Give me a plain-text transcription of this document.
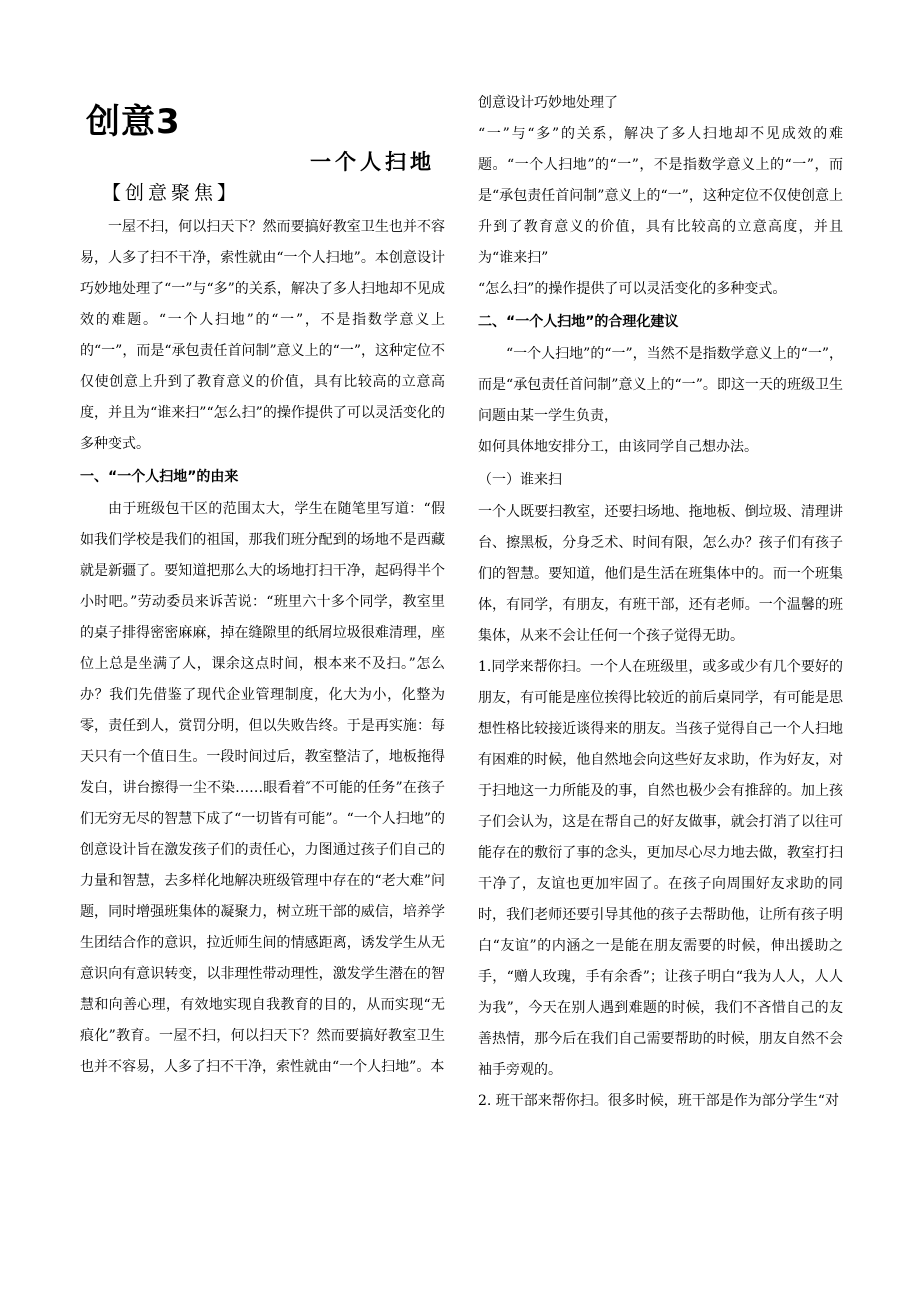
创意3
一个人扫地
【创意聚焦】

一屋不扫，何以扫天下？然而要搞好教室卫生也并不容易，人多了扫不干净，索性就由“一个人扫地”。本创意设计巧妙地处理了“一”与“多”的关系，解决了多人扫地却不见成效的难题。“一个人扫地”的“一”，不是指数学意义上的“一”，而是“承包责任首问制”意义上的“一”，这种定位不仅使创意上升到了教育意义的价值，具有比较高的立意高度，并且为“谁来扫”“怎么扫”的操作提供了可以灵活变化的多种变式。

一、“一个人扫地”的由来

由于班级包干区的范围太大，学生在随笔里写道：“假如我们学校是我们的祖国，那我们班分配到的场地不是西藏就是新疆了。要知道把那么大的场地打扫干净，起码得半个小时吧。”劳动委员来诉苦说：“班里六十多个同学，教室里的桌子排得密密麻麻，掉在缝隙里的纸屑垃圾很难清理，座位上总是坐满了人，课余这点时间，根本来不及扫。”怎么办？我们先借鉴了现代企业管理制度，化大为小，化整为零，责任到人，赏罚分明，但以失败告终。于是再实施：每天只有一个值日生。一段时间过后，教室整洁了，地板拖得发白，讲台擦得一尘不染……眼看着″不可能的任务”在孩子们无穷无尽的智慧下成了“一切皆有可能”。“一个人扫地”的创意设计旨在激发孩子们的责任心，力图通过孩子们自己的力量和智慧，去多样化地解决班级管理中存在的“老大难”问题，同时增强班集体的凝聚力，树立班干部的威信，培养学生团结合作的意识，拉近师生间的情感距离，诱发学生从无意识向有意识转变，以非理性带动理性，激发学生潜在的智慧和向善心理，有效地实现自我教育的目的，从而实现“无痕化”教育。一屋不扫，何以扫天下？然而要搞好教室卫生也并不容易，人多了扫不干净，索性就由“一个人扫地”。本

创意设计巧妙地处理了

“一”与“多”的关系，解决了多人扫地却不见成效的难题。“一个人扫地”的“一”，不是指数学意义上的“一”，而是“承包责任首问制”意义上的“一”，这种定位不仅使创意上升到了教育意义的价值，具有比较高的立意高度，并且为“谁来扫”

“怎么扫”的操作提供了可以灵活变化的多种变式。

二、“一个人扫地”的合理化建议

“一个人扫地”的“一”，当然不是指数学意义上的“一”，而是“承包责任首问制”意义上的“一”。即这一天的班级卫生问题由某一学生负责，

如何具体地安排分工，由该同学自己想办法。

（一）谁来扫

一个人既要扫教室，还要扫场地、拖地板、倒垃圾、清理讲台、擦黑板，分身乏术、时间有限，怎么办？孩子们有孩子们的智慧。要知道，他们是生活在班集体中的。而一个班集体，有同学，有朋友，有班干部，还有老师。一个温馨的班集体，从来不会让任何一个孩子觉得无助。

1.同学来帮你扫。一个人在班级里，或多或少有几个要好的朋友，有可能是座位挨得比较近的前后桌同学，有可能是思想性格比较接近谈得来的朋友。当孩子觉得自己一个人扫地有困难的时候，他自然地会向这些好友求助，作为好友，对于扫地这一力所能及的事，自然也极少会有推辞的。加上孩子们会认为，这是在帮自己的好友做事，就会打消了以往可能存在的敷衍了事的念头，更加尽心尽力地去做，教室打扫干净了，友谊也更加牢固了。在孩子向周围好友求助的同时，我们老师还要引导其他的孩子去帮助他，让所有孩子明白“友谊”的内涵之一是能在朋友需要的时候，伸出援助之手，“赠人玫瑰，手有余香”；让孩子明白“我为人人，人人为我”，今天在别人遇到难题的时候，我们不吝惜自己的友善热情，那今后在我们自己需要帮助的时候，朋友自然不会袖手旁观的。

2. 班干部来帮你扫。很多时候，班干部是作为部分学生“对
